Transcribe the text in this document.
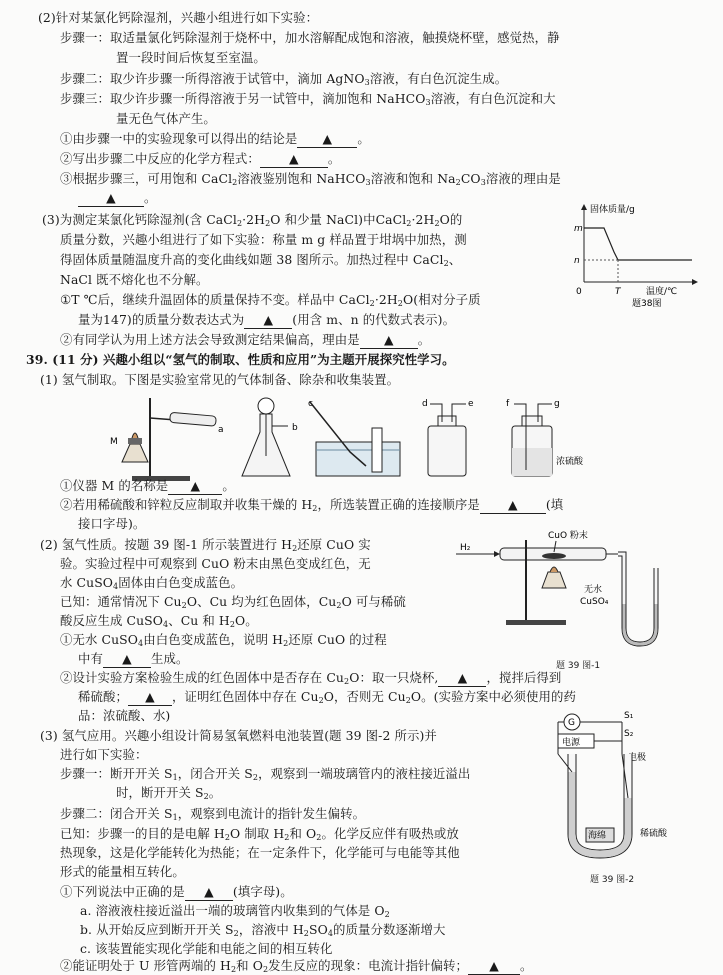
(2)针对某氯化钙除湿剂，兴趣小组进行如下实验：
步骤一：取适量氯化钙除湿剂于烧杯中，加水溶解配成饱和溶液，触摸烧杯壁，感觉热，静
置一段时间后恢复至室温。
步骤二：取少许步骤一所得溶液于试管中，滴加 AgNO$_3$溶液，有白色沉淀生成。
步骤三：取少许步骤一所得溶液于另一试管中，滴加饱和 NaHCO$_3$溶液，有白色沉淀和大
量无色气体产生。
①由步骤一中的实验现象可以得出的结论是 ▲ 。
②写出步骤二中反应的化学方程式： ▲ 。
③根据步骤三，可用饱和 CaCl$_2$溶液鉴别饱和 NaHCO$_3$溶液和饱和 $Na_2CO_3$溶液的理由是
▲ 。
(3)为测定某氯化钙除湿剂(含 $CaCl_2\cdot 2H_2O$ 和少量 NaCl)中$CaCl_2\cdot 2H_2O$的
质量分数，兴趣小组进行了如下实验：称量 m g 样品置于坩埚中加热，测
得固体质量随温度升高的变化曲线如题 38 图所示。加热过程中 CaCl$_2$、
NaCl 既不熔化也不分解。
①T ℃后，继续升温固体的质量保持不变。样品中 $CaCl_2\cdot 2H_2O$(相对分子质
量为147)的质量分数表达式为 ▲ (用含 m、n 的代数式表示)。
②有同学认为用上述方法会导致测定结果偏高，理由是 ▲ 。
固体质量/g
m
n
0	T	温度/℃
题38图
39. (11 分) 兴趣小组以“氢气的制取、性质和应用”为主题开展探究性学习。
(1) 氢气制取。下图是实验室常见的气体制备、除杂和收集装置。
a
M
b
c	d	e	f	g
浓硫酸
①仪器 M 的名称是 ▲ 。
②若用稀硫酸和锌粒反应制取并收集干燥的 $H_2$，所选装置正确的连接顺序是 ▲ (填
接口字母)。
(2) 氢气性质。按题 39 图-1 所示装置进行 $H_2$还原 CuO 实
验。实验过程中可观察到 CuO 粉末由黑色变成红色，无
水 CuSO$_4$固体由白色变成蓝色。
已知：通常情况下 $Cu_2O$、Cu 均为红色固体，$Cu_2O$ 可与稀硫
酸反应生成 CuSO$_4$、Cu 和 $H_2O$。
①无水 CuSO$_4$由白色变成蓝色，说明 $H_2$还原 CuO 的过程
中有 ▲ 生成。
②设计实验方案检验生成的红色固体中是否存在 $Cu_2O$：取一只烧杯, ▲ ，搅拌后得到
稀硫酸； ▲ ，证明红色固体中存在 $Cu_2O$，否则无 $Cu_2O$。(实验方案中必须使用的药
品：浓硫酸、水)
H₂
CuO 粉末
无水
CuSO₄
题 39 图-1
(3) 氢气应用。兴趣小组设计简易氢氧燃料电池装置(题 39 图-2 所示)并
进行如下实验：
步骤一：断开开关 $S_1$，闭合开关 $S_2$，观察到一端玻璃管内的液柱接近溢出
时，断开开关 $S_2$。
步骤二：闭合开关 $S_1$，观察到电流计的指针发生偏转。
已知：步骤一的目的是电解 $H_2O$ 制取 $H_2$和 $O_2$。化学反应伴有吸热或放
热现象，这是化学能转化为热能；在一定条件下，化学能可与电能等其他
形式的能量相互转化。
①下列说法中正确的是 ▲ (填字母)。
a. 溶液液柱接近溢出一端的玻璃管内收集到的气体是 $O_2$
b. 从开始反应到断开开关 $S_2$，溶液中 $H_2SO_4$的质量分数逐渐增大
c. 该装置能实现化学能和电能之间的相互转化
②能证明处于 U 形管两端的 $H_2$和 $O_2$发生反应的现象：电流计指针偏转； ▲ 。
G
S₁
S₂
电源
电极
海绵	稀硫酸
题 39 图-2
